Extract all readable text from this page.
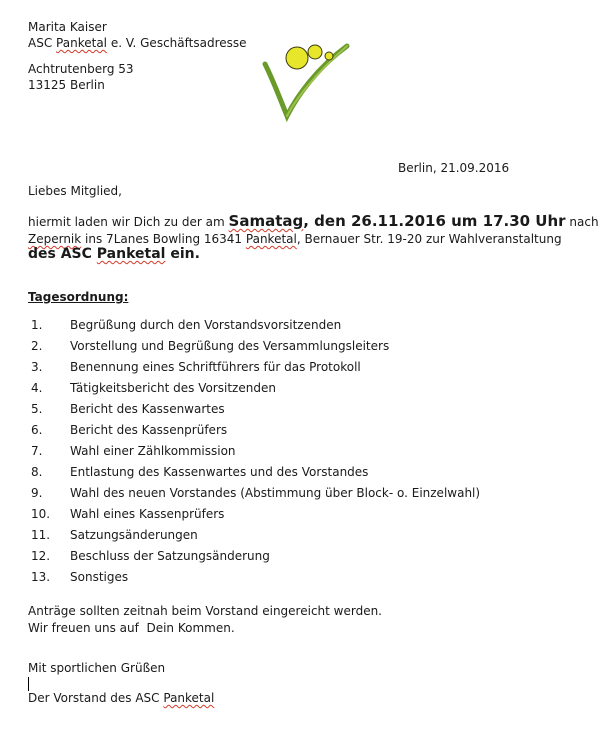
Marita Kaiser
ASC Panketal e. V. Geschäftsadresse
Achtrutenberg 53
13125 Berlin
Berlin, 21.09.2016
Liebes Mitglied,
hiermit laden wir Dich zu der am Samatag, den 26.11.2016 um 17.30 Uhr nach
Zepernik ins 7Lanes Bowling 16341 Panketal, Bernauer Str. 19-20 zur Wahlveranstaltung
des ASC Panketal ein.
Tagesordnung:
1. Begrüßung durch den Vorstandsvorsitzenden
2. Vorstellung und Begrüßung des Versammlungsleiters
3. Benennung eines Schriftführers für das Protokoll
4. Tätigkeitsbericht des Vorsitzenden
5. Bericht des Kassenwartes
6. Bericht des Kassenprüfers
7. Wahl einer Zählkommission
8. Entlastung des Kassenwartes und des Vorstandes
9. Wahl des neuen Vorstandes (Abstimmung über Block- o. Einzelwahl)
10. Wahl eines Kassenprüfers
11. Satzungsänderungen
12. Beschluss der Satzungsänderung
13. Sonstiges
Anträge sollten zeitnah beim Vorstand eingereicht werden.
Wir freuen uns auf  Dein Kommen.
Mit sportlichen Grüßen
Der Vorstand des ASC Panketal
